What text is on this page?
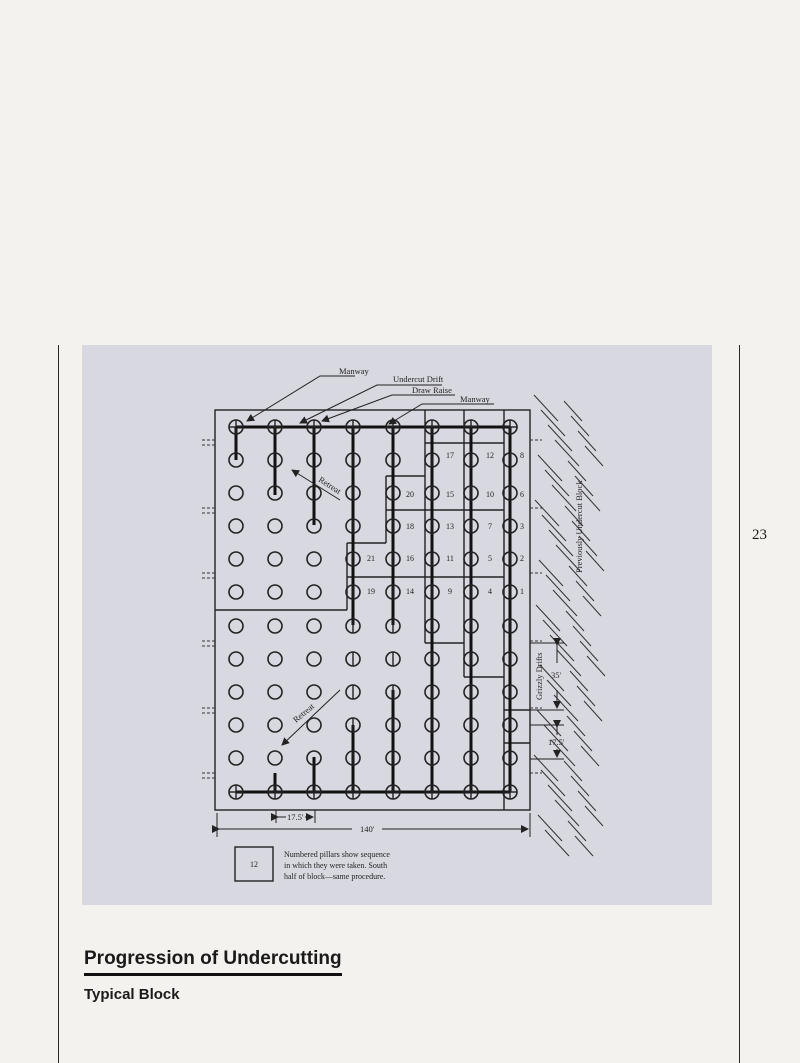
23
17	12	8
20	15	10	6
18	13	7	3
21	16	11	5	2
19	14	9	4	1
Manway
Undercut Drift
Draw Raise
Manway
Retreat
Retreat
Previously Undercut Block
Grizzly Drifts 35'
17.5'
17.5'
140'
12
Numbered pillars show sequence
in which they were taken. South
half of block—same procedure.
Progression of Undercutting
Typical Block
